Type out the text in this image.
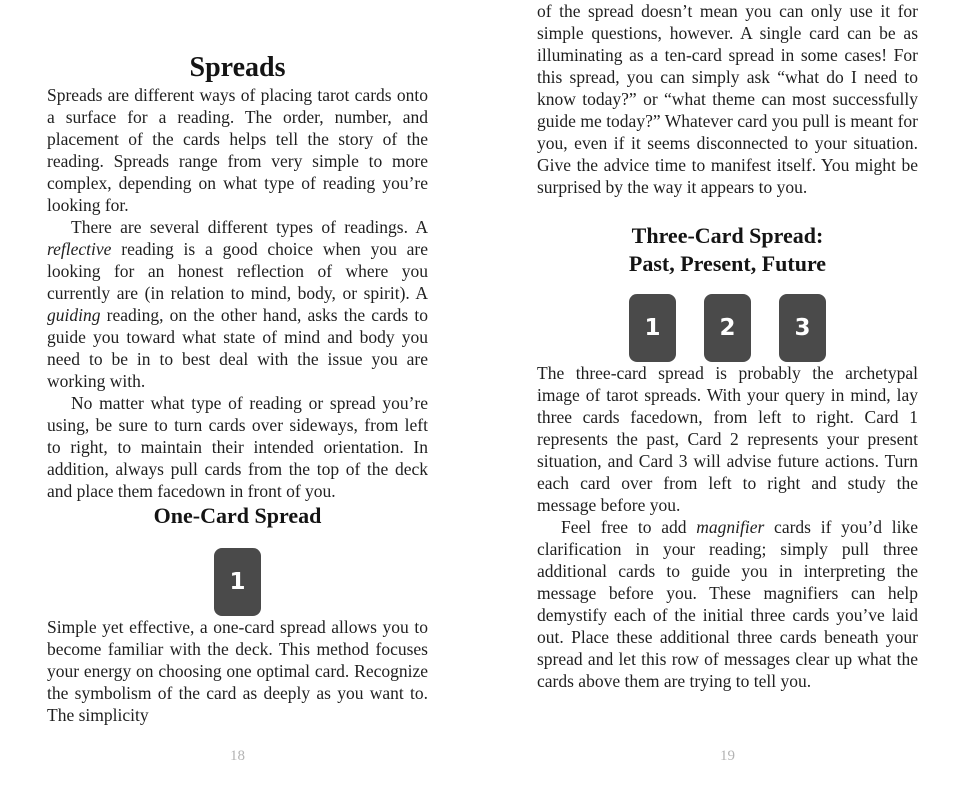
Spreads

Spreads are different ways of placing tarot cards onto a surface for a reading. The order, number, and placement of the cards helps tell the story of the reading. Spreads range from very simple to more complex, depending on what type of reading you’re looking for.

There are several different types of readings. A reflective reading is a good choice when you are looking for an honest reflection of where you currently are (in relation to mind, body, or spirit). A guiding reading, on the other hand, asks the cards to guide you toward what state of mind and body you need to be in to best deal with the issue you are working with.

No matter what type of reading or spread you’re using, be sure to turn cards over sideways, from left to right, to maintain their intended orientation. In addition, always pull cards from the top of the deck and place them facedown in front of you.

One-Card Spread
1

Simple yet effective, a one-card spread allows you to become familiar with the deck. This method focuses your energy on choosing one optimal card. Recognize the symbolism of the card as deeply as you want to. The simplicity

18

of the spread doesn’t mean you can only use it for simple questions, however. A single card can be as illuminating as a ten-card spread in some cases! For this spread, you can simply ask “what do I need to know today?” or “what theme can most successfully guide me today?” Whatever card you pull is meant for you, even if it seems disconnected to your situation. Give the advice time to manifest itself. You might be surprised by the way it appears to you.

Three-Card Spread:
Past, Present, Future
1	2	3

The three-card spread is probably the archetypal image of tarot spreads. With your query in mind, lay three cards facedown, from left to right. Card 1 represents the past, Card 2 represents your present situation, and Card 3 will advise future actions. Turn each card over from left to right and study the message before you.

Feel free to add magnifier cards if you’d like clarification in your reading; simply pull three additional cards to guide you in interpreting the message before you. These magnifiers can help demystify each of the initial three cards you’ve laid out. Place these additional three cards beneath your spread and let this row of messages clear up what the cards above them are trying to tell you.

19
